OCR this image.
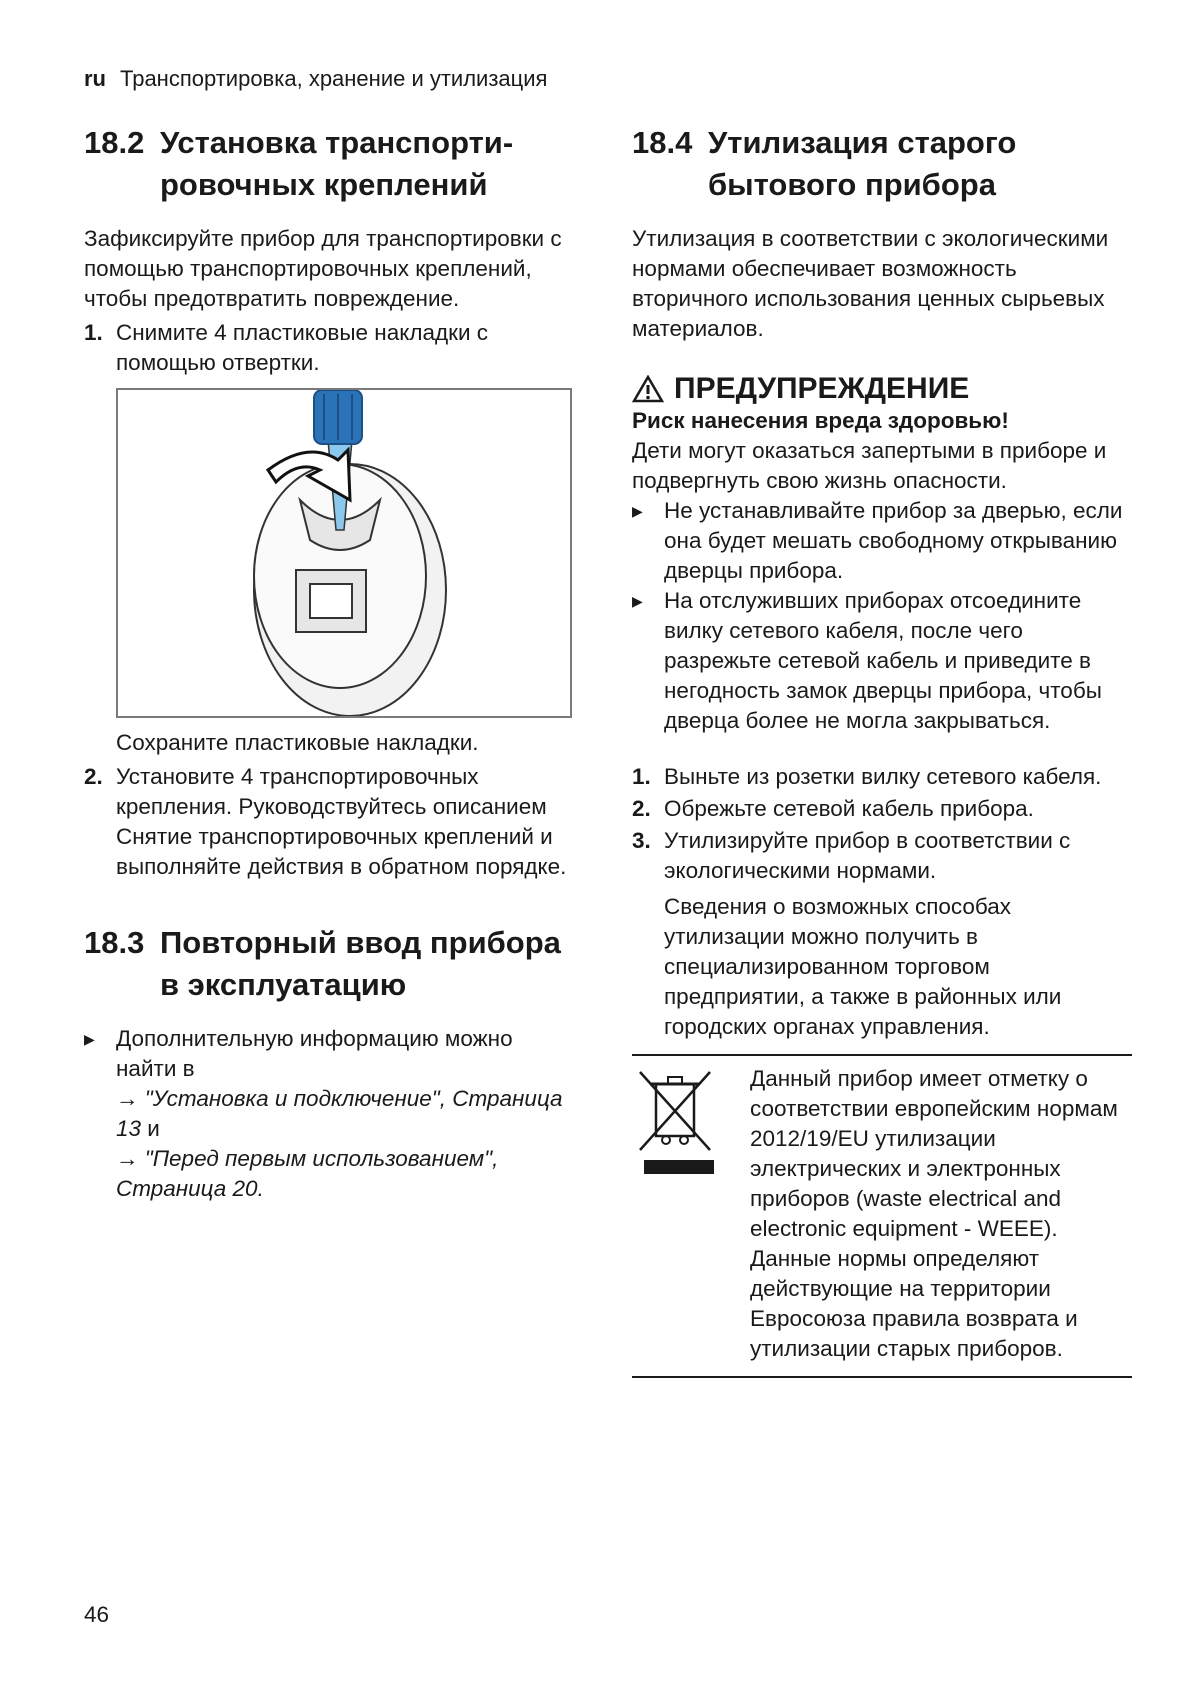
ru Транспортировка, хранение и утилизация
18.2 Установка транспорти-ровочных креплений

Зафиксируйте прибор для транспортировки с помощью транспортировочных креплений, чтобы предотвратить повреждение.

1. Снимите 4 пластиковые накладки с помощью отвертки.

Сохраните пластиковые накладки.

2. Установите 4 транспортировочных крепления. Руководствуйтесь описанием Снятие транспортировочных креплений и выполняйте действия в обратном порядке.
18.3 Повторный ввод прибора в эксплуатацию
▶ Дополнительную информацию можно найти в
→ "Установка и подключение", Страница 13 и
→ "Перед первым использованием", Страница 20.
18.4 Утилизация старого бытового прибора

Утилизация в соответствии с экологическими нормами обеспечивает возможность вторичного использования ценных сырьевых материалов.

ПРЕДУПРЕЖДЕНИЕ
Риск нанесения вреда здоровью!

Дети могут оказаться запертыми в приборе и подвергнуть свою жизнь опасности.

▶ Не устанавливайте прибор за дверью, если она будет мешать свободному открыванию дверцы прибора.
▶ На отслуживших приборах отсоедините вилку сетевого кабеля, после чего разрежьте сетевой кабель и приведите в негодность замок дверцы прибора, чтобы дверца более не могла закрываться.
1. Выньте из розетки вилку сетевого кабеля.
2. Обрежьте сетевой кабель прибора.
3. Утилизируйте прибор в соответствии с экологическими нормами.

Сведения о возможных способах утилизации можно получить в специализированном торговом предприятии, а также в районных или городских органах управления.

Данный прибор имеет отметку о соответствии европейским нормам 2012/19/EU утилизации электрических и электронных приборов (waste electrical and electronic equipment - WEEE).

Данные нормы определяют действующие на территории Евросоюза правила возврата и утилизации старых приборов.

46
